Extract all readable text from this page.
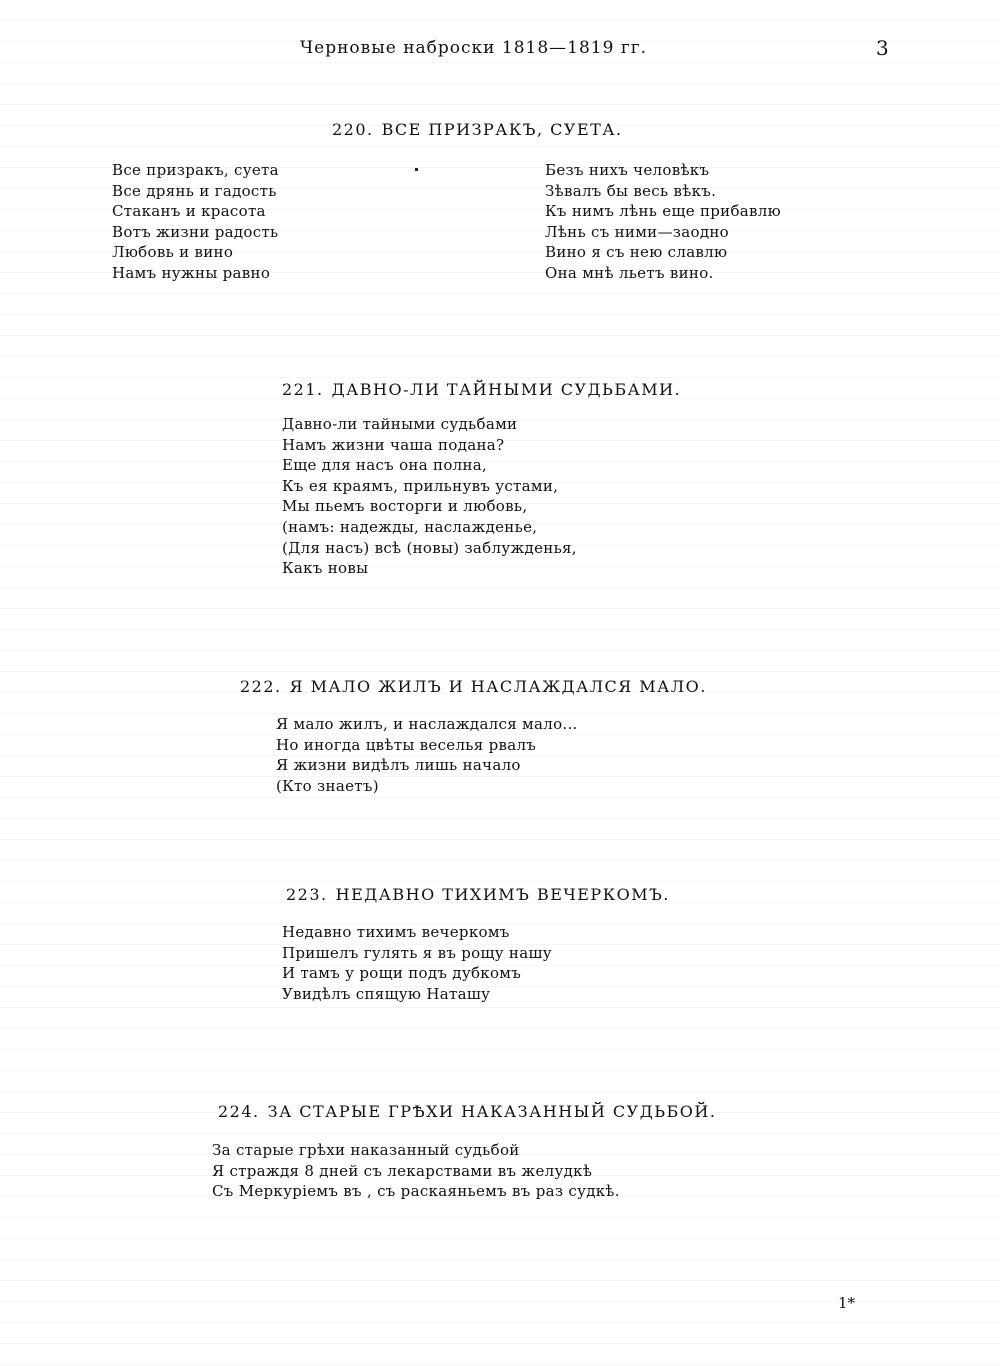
Черновые наброски 1818—1819 гг.	3
220. ВСЕ ПРИЗРАКЪ, СУЕТА.
Все призракъ, суета
Все дрянь и гадость
Стаканъ и красота
Вотъ жизни радость
Любовь и вино
Намъ нужны равно
Безъ нихъ человѣкъ
Зѣвалъ бы весь вѣкъ.
Къ нимъ лѣнь еще прибавлю
Лѣнь съ ними—заодно
Вино я съ нею славлю
Она мнѣ льетъ вино.
221. ДАВНО-ЛИ ТАЙНЫМИ СУДЬБАМИ.
Давно-ли тайными судьбами
Намъ жизни чаша подана?
Еще для насъ она полна,
Къ ея краямъ, прильнувъ устами,
Мы пьемъ восторги и любовь,
(намъ: надежды, наслажденье,
(Для насъ) всѣ (новы) заблужденья,
Какъ новы
222. Я МАЛО ЖИЛЪ И НАСЛАЖДАЛСЯ МАЛО.
Я мало жилъ, и наслаждался мало...
Но иногда цвѣты веселья рвалъ
Я жизни видѣлъ лишь начало
(Кто знаетъ)
223. НЕДАВНО ТИХИМЪ ВЕЧЕРКОМЪ.
Недавно тихимъ вечеркомъ
Пришелъ гулять я въ рощу нашу
И тамъ у рощи подъ дубкомъ
Увидѣлъ спящую Наташу
224. ЗА СТАРЫЕ ГРѢХИ НАКАЗАННЫЙ СУДЬБОЙ.
За старые грѣхи наказанный судьбой
Я страждя 8 дней съ лекарствами въ желудкѣ
Съ Меркуріемъ въ , съ раскаяньемъ въ раз судкѣ.
1*
